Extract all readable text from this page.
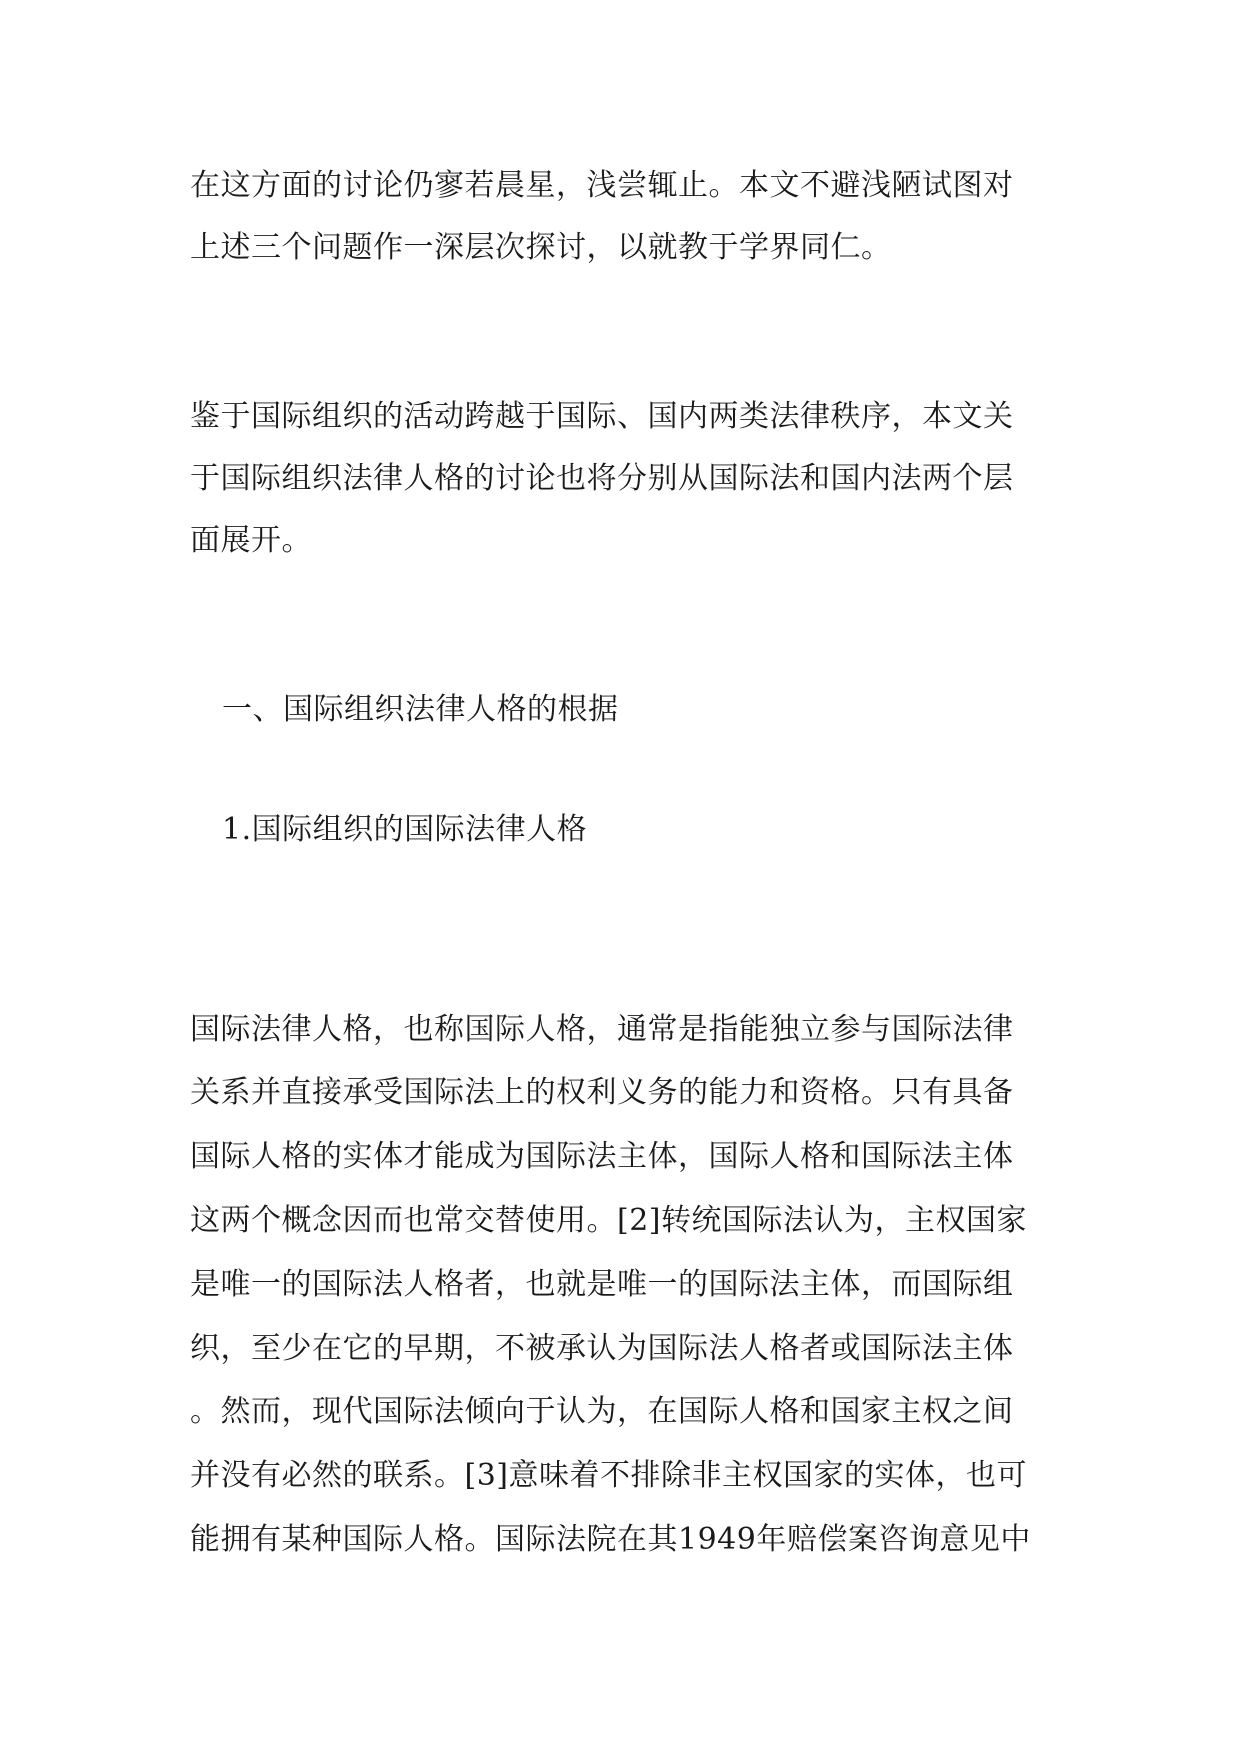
在这方面的讨论仍寥若晨星，浅尝辄止。本文不避浅陋试图对
上述三个问题作一深层次探讨，以就教于学界同仁。
鉴于国际组织的活动跨越于国际、国内两类法律秩序，本文关
于国际组织法律人格的讨论也将分别从国际法和国内法两个层
面展开。
一、国际组织法律人格的根据
1.国际组织的国际法律人格
国际法律人格，也称国际人格，通常是指能独立参与国际法律
关系并直接承受国际法上的权利义务的能力和资格。只有具备
国际人格的实体才能成为国际法主体，国际人格和国际法主体
这两个概念因而也常交替使用。[2]转统国际法认为，主权国家
是唯一的国际法人格者，也就是唯一的国际法主体，而国际组
织，至少在它的早期，不被承认为国际法人格者或国际法主体
。然而，现代国际法倾向于认为，在国际人格和国家主权之间
并没有必然的联系。[3]意味着不排除非主权国家的实体，也可
能拥有某种国际人格。国际法院在其1949年赔偿案咨询意见中
